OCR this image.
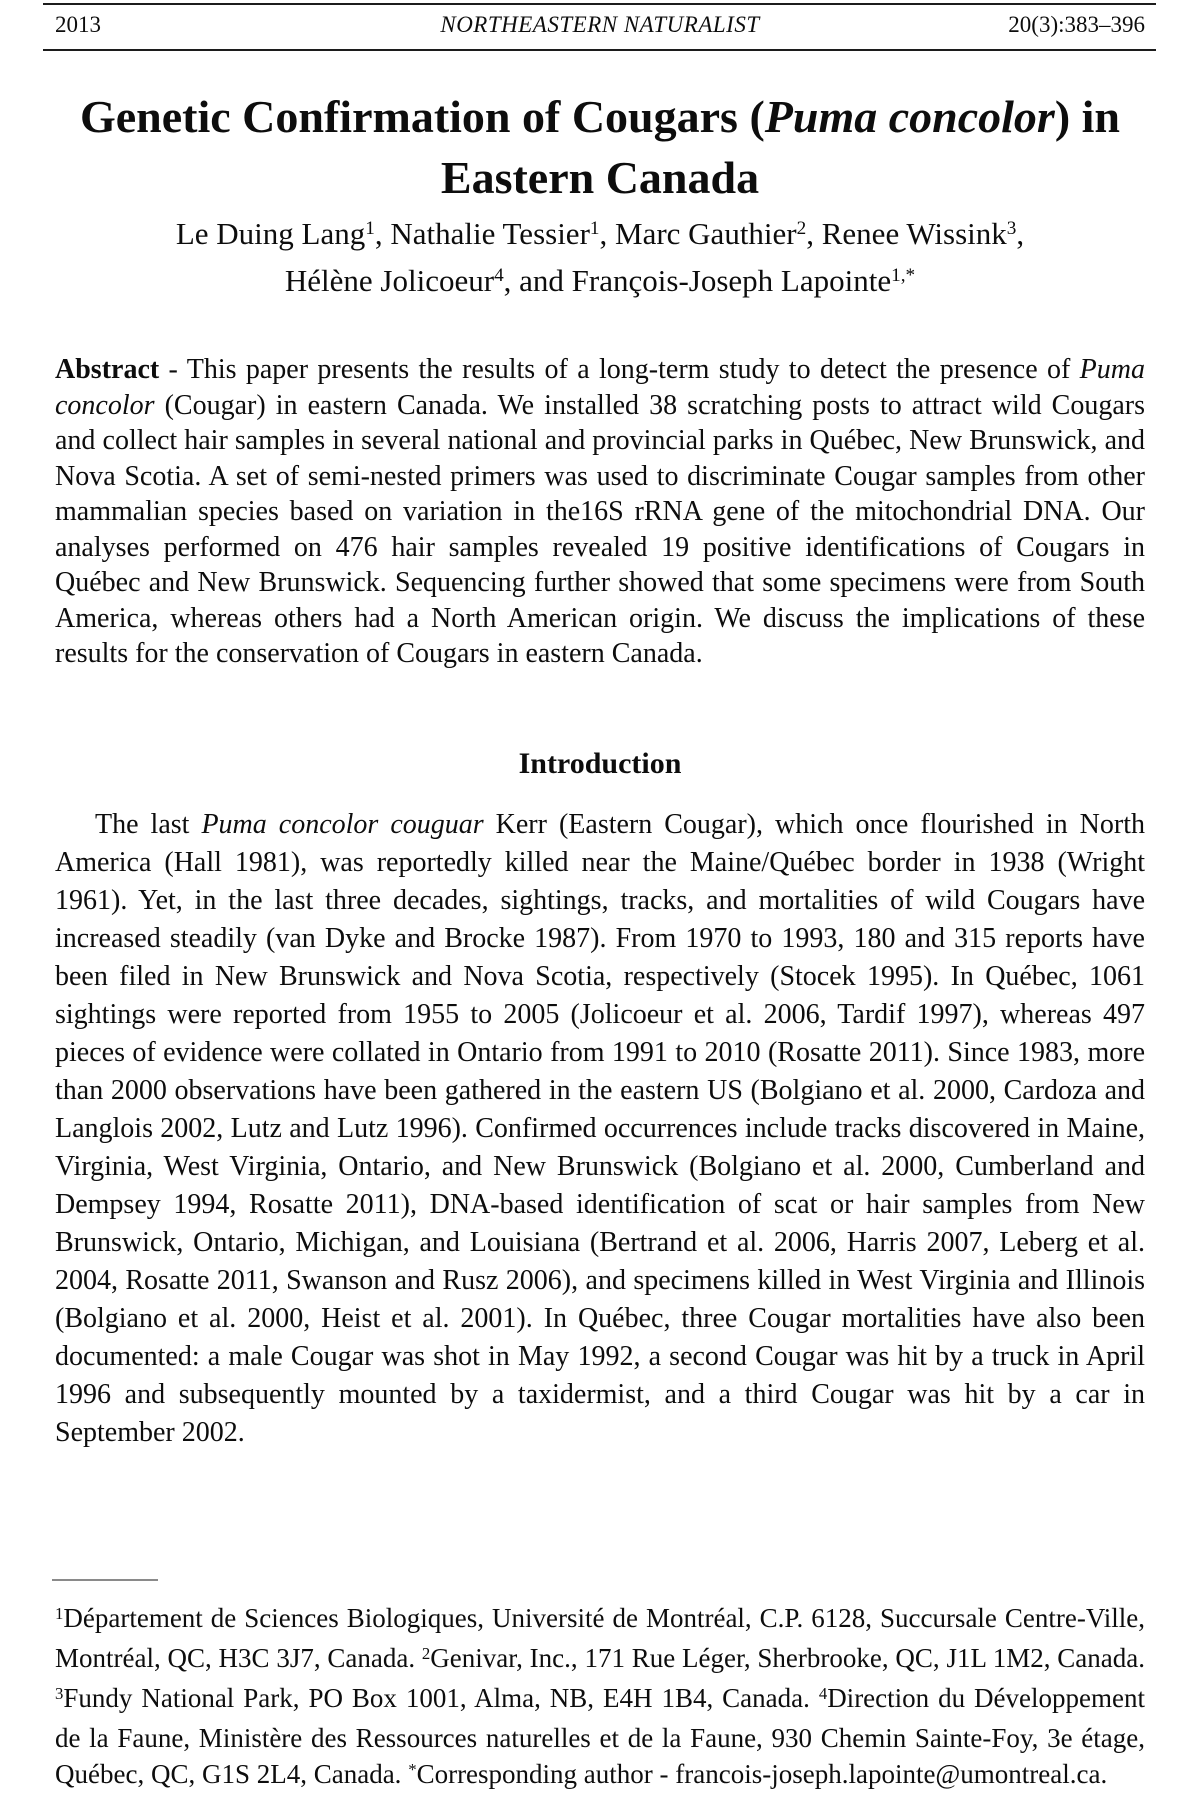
2013	NORTHEASTERN NATURALIST	20(3):383–396
Genetic Confirmation of Cougars (Puma concolor) in
Eastern Canada
Le Duing Lang$^1$, Nathalie Tessier$^1$, Marc Gauthier$^2$, Renee Wissink$^3$,
Hélène Jolicoeur$^4$, and François-Joseph Lapointe$^{1,*}$
Abstract - This paper presents the results of a long-term study to detect the presence of Puma concolor (Cougar) in eastern Canada. We installed 38 scratching posts to attract wild Cougars and collect hair samples in several national and provincial parks in Québec, New Brunswick, and Nova Scotia. A set of semi-nested primers was used to discriminate Cougar samples from other mammalian species based on variation in the16S rRNA gene of the mitochondrial DNA. Our analyses performed on 476 hair samples revealed 19 positive identifications of Cougars in Québec and New Brunswick. Sequencing further showed that some specimens were from South America, whereas others had a North American origin. We discuss the implications of these results for the conservation of Cougars in eastern Canada.
Introduction
The last Puma concolor couguar Kerr (Eastern Cougar), which once flourished in North America (Hall 1981), was reportedly killed near the Maine/Québec border in 1938 (Wright 1961). Yet, in the last three decades, sightings, tracks, and mortalities of wild Cougars have increased steadily (van Dyke and Brocke 1987). From 1970 to 1993, 180 and 315 reports have been filed in New Brunswick and Nova Scotia, respectively (Stocek 1995). In Québec, 1061 sightings were reported from 1955 to 2005 (Jolicoeur et al. 2006, Tardif 1997), whereas 497 pieces of evidence were collated in Ontario from 1991 to 2010 (Rosatte 2011). Since 1983, more than 2000 observations have been gathered in the eastern US (Bolgiano et al. 2000, Cardoza and Langlois 2002, Lutz and Lutz 1996). Confirmed occurrences include tracks discovered in Maine, Virginia, West Virginia, Ontario, and New Brunswick (Bolgiano et al. 2000, Cumberland and Dempsey 1994, Rosatte 2011), DNA-based identification of scat or hair samples from New Brunswick, Ontario, Michigan, and Louisiana (Bertrand et al. 2006, Harris 2007, Leberg et al. 2004, Rosatte 2011, Swanson and Rusz 2006), and specimens killed in West Virginia and Illinois (Bolgiano et al. 2000, Heist et al. 2001). In Québec, three Cougar mortalities have also been documented: a male Cougar was shot in May 1992, a second Cougar was hit by a truck in April 1996 and subsequently mounted by a taxidermist, and a third Cougar was hit by a car in September 2002.
$^1$Département de Sciences Biologiques, Université de Montréal, C.P. 6128, Succursale Centre-Ville, Montréal, QC, H3C 3J7, Canada. $^2$Genivar, Inc., 171 Rue Léger, Sherbrooke, QC, J1L 1M2, Canada. $^3$Fundy National Park, PO Box 1001, Alma, NB, E4H 1B4, Canada. $^4$Direction du Développement de la Faune, Ministère des Ressources naturelles et de la Faune, 930 Chemin Sainte-Foy, 3e étage, Québec, QC, G1S 2L4, Canada. *Corresponding author - francois-joseph.lapointe@umontreal.ca.
